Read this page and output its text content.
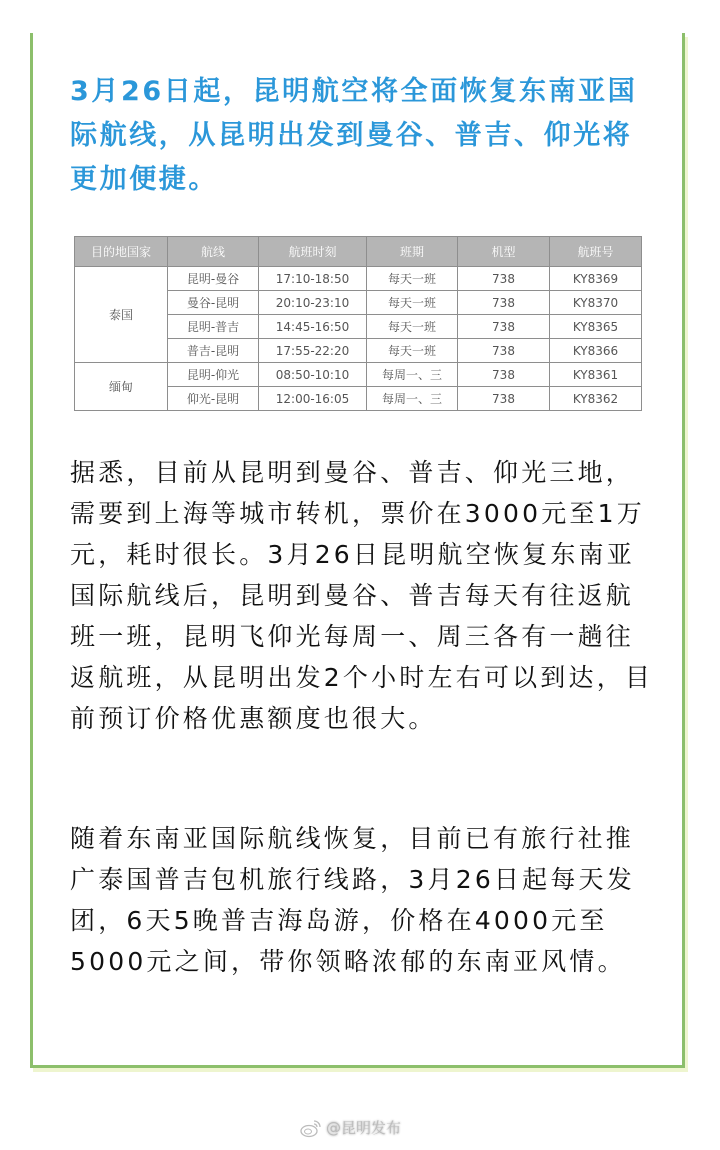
3月26日起，昆明航空将全面恢复东南亚国际航线，从昆明出发到曼谷、普吉、仰光将更加便捷。

目的地国家	航线	航班时刻	班期	机型	航班号
泰国	昆明-曼谷	17:10-18:50	每天一班	738	KY8369
	曼谷-昆明	20:10-23:10	每天一班	738	KY8370
	昆明-普吉	14:45-16:50	每天一班	738	KY8365
	普吉-昆明	17:55-22:20	每天一班	738	KY8366
缅甸	昆明-仰光	08:50-10:10	每周一、三	738	KY8361
	仰光-昆明	12:00-16:05	每周一、三	738	KY8362

据悉，目前从昆明到曼谷、普吉、仰光三地，需要到上海等城市转机，票价在3000元至1万元，耗时很长。3月26日昆明航空恢复东南亚国际航线后，昆明到曼谷、普吉每天有往返航班一班，昆明飞仰光每周一、周三各有一趟往返航班，从昆明出发2个小时左右可以到达，目前预订价格优惠额度也很大。

随着东南亚国际航线恢复，目前已有旅行社推广泰国普吉包机旅行线路，3月26日起每天发团，6天5晚普吉海岛游，价格在4000元至5000元之间，带你领略浓郁的东南亚风情。

@昆明发布
